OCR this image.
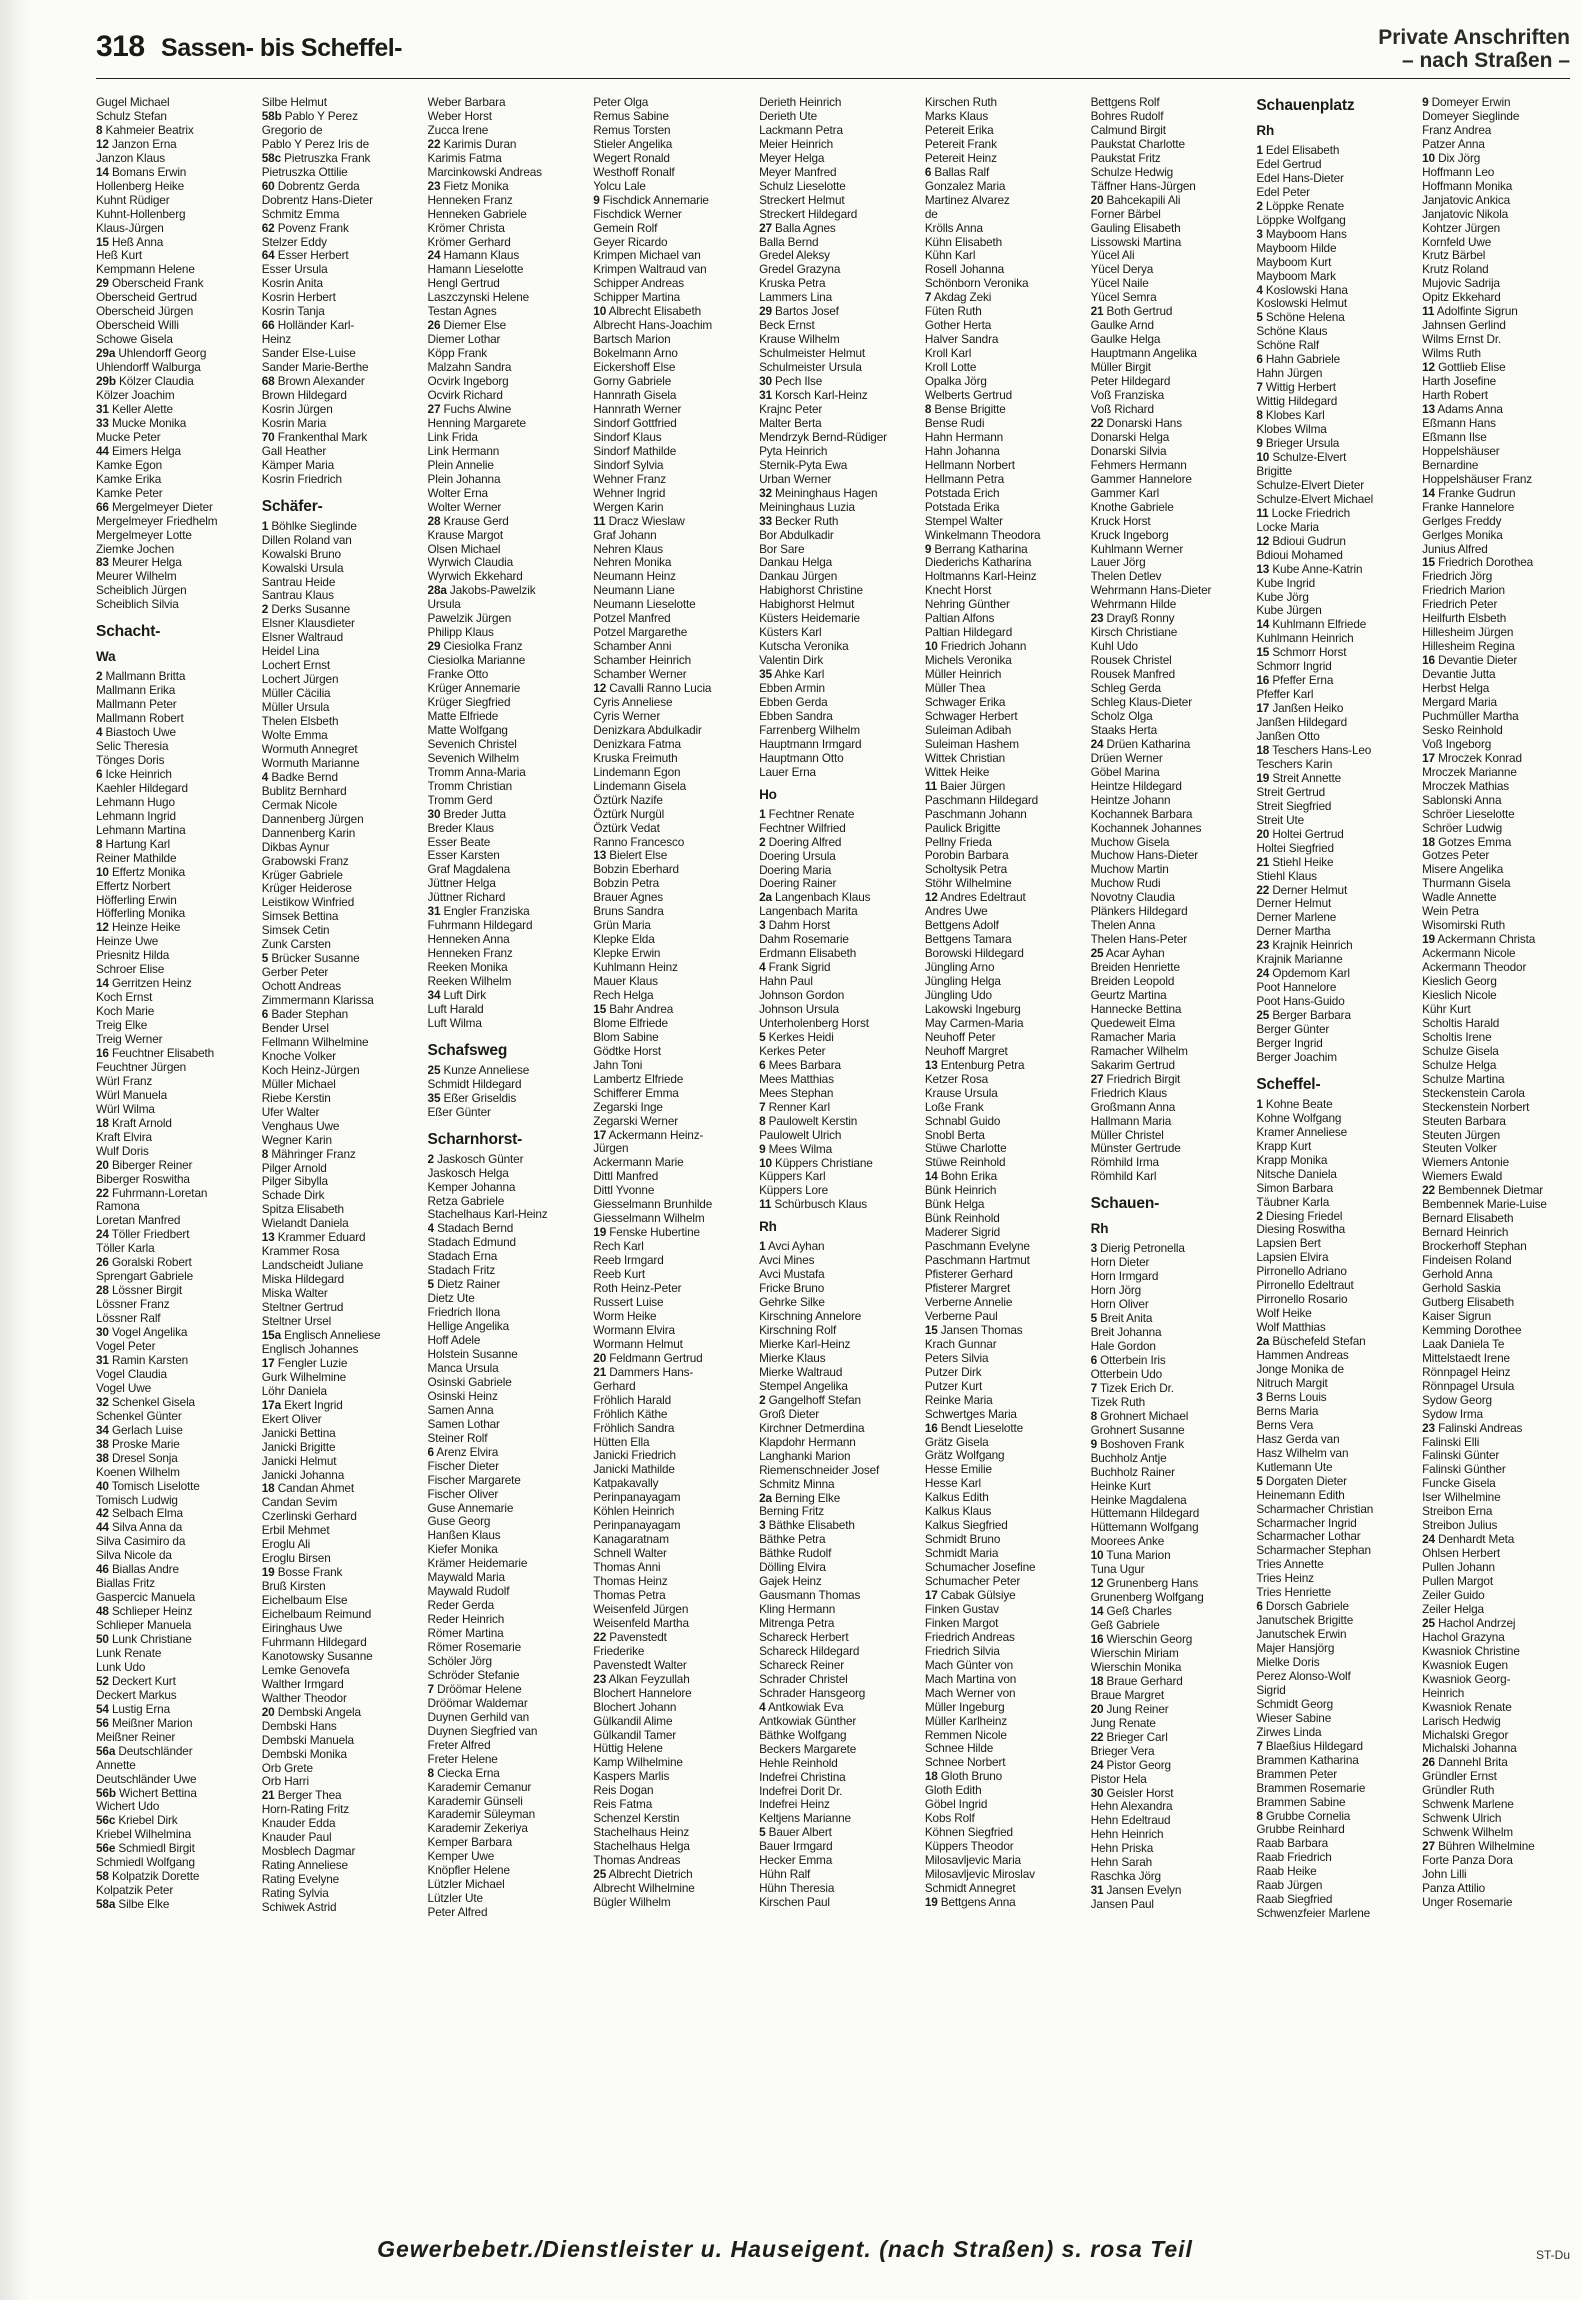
318 Sassen- bis Scheffel-	Private Anschriften
– nach Straßen –
Gugel Michael
Schulz Stefan
8 Kahmeier Beatrix
12 Janzon Erna
Janzon Klaus
14 Bomans Erwin
Hollenberg Heike
Kuhnt Rüdiger
Kuhnt-Hollenberg
Klaus-Jürgen
15 Heß Anna
Heß Kurt
Kempmann Helene
29 Oberscheid Frank
Oberscheid Gertrud
Oberscheid Jürgen
Oberscheid Willi
Schowe Gisela
29a Uhlendorff Georg
Uhlendorff Walburga
29b Kölzer Claudia
Kölzer Joachim
31 Keller Alette
33 Mucke Monika
Mucke Peter
44 Eimers Helga
Kamke Egon
Kamke Erika
Kamke Peter
66 Mergelmeyer Dieter
Mergelmeyer Friedhelm
Mergelmeyer Lotte
Ziemke Jochen
83 Meurer Helga
Meurer Wilhelm
Scheiblich Jürgen
Scheiblich Silvia
Schacht-
Wa
2 Mallmann Britta
Mallmann Erika
Mallmann Peter
Mallmann Robert
4 Biastoch Uwe
Selic Theresia
Tönges Doris
6 Icke Heinrich
Kaehler Hildegard
Lehmann Hugo
Lehmann Ingrid
Lehmann Martina
8 Hartung Karl
Reiner Mathilde
10 Effertz Monika
Effertz Norbert
Höfferling Erwin
Höfferling Monika
12 Heinze Heike
Heinze Uwe
Priesnitz Hilda
Schroer Elise
14 Gerritzen Heinz
Koch Ernst
Koch Marie
Treig Elke
Treig Werner
16 Feuchtner Elisabeth
Feuchtner Jürgen
Würl Franz
Würl Manuela
Würl Wilma
18 Kraft Arnold
Kraft Elvira
Wulf Doris
20 Biberger Reiner
Biberger Roswitha
22 Fuhrmann-Loretan
Ramona
Loretan Manfred
24 Töller Friedbert
Töller Karla
26 Goralski Robert
Sprengart Gabriele
28 Lössner Birgit
Lössner Franz
Lössner Ralf
30 Vogel Angelika
Vogel Peter
31 Ramin Karsten
Vogel Claudia
Vogel Uwe
32 Schenkel Gisela
Schenkel Günter
34 Gerlach Luise
38 Proske Marie
38 Dresel Sonja
Koenen Wilhelm
40 Tomisch Liselotte
Tomisch Ludwig
42 Selbach Elma
44 Silva Anna da
Silva Casimiro da
Silva Nicole da
46 Biallas Andre
Biallas Fritz
Gaspercic Manuela
48 Schlieper Heinz
Schlieper Manuela
50 Lunk Christiane
Lunk Renate
Lunk Udo
52 Deckert Kurt
Deckert Markus
54 Lustig Erna
56 Meißner Marion
Meißner Reiner
56a Deutschländer
Annette
Deutschländer Uwe
56b Wichert Bettina
Wichert Udo
56c Kriebel Dirk
Kriebel Wilhelmina
56e Schmiedl Birgit
Schmiedl Wolfgang
58 Kolpatzik Dorette
Kolpatzik Peter
58a Silbe Elke
Silbe Helmut
58b Pablo Y Perez
Gregorio de
Pablo Y Perez Iris de
58c Pietruszka Frank
Pietruszka Ottilie
60 Dobrentz Gerda
Dobrentz Hans-Dieter
Schmitz Emma
62 Povenz Frank
Stelzer Eddy
64 Esser Herbert
Esser Ursula
Kosrin Anita
Kosrin Herbert
Kosrin Tanja
66 Holländer Karl-
Heinz
Sander Else-Luise
Sander Marie-Berthe
68 Brown Alexander
Brown Hildegard
Kosrin Jürgen
Kosrin Maria
70 Frankenthal Mark
Gall Heather
Kämper Maria
Kosrin Friedrich
Schäfer-
1 Böhlke Sieglinde
Dillen Roland van
Kowalski Bruno
Kowalski Ursula
Santrau Heide
Santrau Klaus
2 Derks Susanne
Elsner Klausdieter
Elsner Waltraud
Heidel Lina
Lochert Ernst
Lochert Jürgen
Müller Cäcilia
Müller Ursula
Thelen Elsbeth
Wolte Emma
Wormuth Annegret
Wormuth Marianne
4 Badke Bernd
Bublitz Bernhard
Cermak Nicole
Dannenberg Jürgen
Dannenberg Karin
Dikbas Aynur
Grabowski Franz
Krüger Gabriele
Krüger Heiderose
Leistikow Winfried
Simsek Bettina
Simsek Cetin
Zunk Carsten
5 Brücker Susanne
Gerber Peter
Ochott Andreas
Zimmermann Klarissa
6 Bader Stephan
Bender Ursel
Fellmann Wilhelmine
Knoche Volker
Koch Heinz-Jürgen
Müller Michael
Riebe Kerstin
Ufer Walter
Venghaus Uwe
Wegner Karin
8 Mähringer Franz
Pilger Arnold
Pilger Sibylla
Schade Dirk
Spitza Elisabeth
Wielandt Daniela
13 Krammer Eduard
Krammer Rosa
Landscheidt Juliane
Miska Hildegard
Miska Walter
Steltner Gertrud
Steltner Ursel
15a Englisch Anneliese
Englisch Johannes
17 Fengler Luzie
Gurk Wilhelmine
Löhr Daniela
17a Ekert Ingrid
Ekert Oliver
Janicki Bettina
Janicki Brigitte
Janicki Helmut
Janicki Johanna
18 Candan Ahmet
Candan Sevim
Czerlinski Gerhard
Erbil Mehmet
Eroglu Ali
Eroglu Birsen
19 Bosse Frank
Bruß Kirsten
Eichelbaum Else
Eichelbaum Reimund
Eiringhaus Uwe
Fuhrmann Hildegard
Kanotowsky Susanne
Lemke Genovefa
Walther Irmgard
Walther Theodor
20 Dembski Angela
Dembski Hans
Dembski Manuela
Dembski Monika
Orb Grete
Orb Harri
21 Berger Thea
Horn-Rating Fritz
Knauder Edda
Knauder Paul
Mosblech Dagmar
Rating Anneliese
Rating Evelyne
Rating Sylvia
Schiwek Astrid
Weber Barbara
Weber Horst
Zucca Irene
22 Karimis Duran
Karimis Fatma
Marcinkowski Andreas
23 Fietz Monika
Henneken Franz
Henneken Gabriele
Krömer Christa
Krömer Gerhard
24 Hamann Klaus
Hamann Lieselotte
Hengl Gertrud
Laszczynski Helene
Testan Agnes
26 Diemer Else
Diemer Lothar
Köpp Frank
Malzahn Sandra
Ocvirk Ingeborg
Ocvirk Richard
27 Fuchs Alwine
Henning Margarete
Link Frida
Link Hermann
Plein Annelie
Plein Johanna
Wolter Erna
Wolter Werner
28 Krause Gerd
Krause Margot
Olsen Michael
Wyrwich Claudia
Wyrwich Ekkehard
28a Jakobs-Pawelzik
Ursula
Pawelzik Jürgen
Philipp Klaus
29 Ciesiolka Franz
Ciesiolka Marianne
Franke Otto
Krüger Annemarie
Krüger Siegfried
Matte Elfriede
Matte Wolfgang
Sevenich Christel
Sevenich Wilhelm
Tromm Anna-Maria
Tromm Christian
Tromm Gerd
30 Breder Jutta
Breder Klaus
Esser Beate
Esser Karsten
Graf Magdalena
Jüttner Helga
Jüttner Richard
31 Engler Franziska
Fuhrmann Hildegard
Henneken Anna
Henneken Franz
Reeken Monika
Reeken Wilhelm
34 Luft Dirk
Luft Harald
Luft Wilma
Schafsweg
25 Kunze Anneliese
Schmidt Hildegard
35 Eßer Griseldis
Eßer Günter
Scharnhorst-
2 Jaskosch Günter
Jaskosch Helga
Kemper Johanna
Retza Gabriele
Stachelhaus Karl-Heinz
4 Stadach Bernd
Stadach Edmund
Stadach Erna
Stadach Fritz
5 Dietz Rainer
Dietz Ute
Friedrich Ilona
Hellige Angelika
Hoff Adele
Holstein Susanne
Manca Ursula
Osinski Gabriele
Osinski Heinz
Samen Anna
Samen Lothar
Steiner Rolf
6 Arenz Elvira
Fischer Dieter
Fischer Margarete
Fischer Oliver
Guse Annemarie
Guse Georg
Hanßen Klaus
Kiefer Monika
Krämer Heidemarie
Maywald Maria
Maywald Rudolf
Reder Gerda
Reder Heinrich
Römer Martina
Römer Rosemarie
Schöler Jörg
Schröder Stefanie
7 Dröömar Helene
Dröömar Waldemar
Duynen Gerhild van
Duynen Siegfried van
Freter Alfred
Freter Helene
8 Ciecka Erna
Karademir Cemanur
Karademir Günseli
Karademir Süleyman
Karademir Zekeriya
Kemper Barbara
Kemper Uwe
Knöpfler Helene
Lützler Michael
Lützler Ute
Peter Alfred
Peter Olga
Remus Sabine
Remus Torsten
Stieler Angelika
Wegert Ronald
Westhoff Ronalf
Yolcu Lale
9 Fischdick Annemarie
Fischdick Werner
Gemein Rolf
Geyer Ricardo
Krimpen Michael van
Krimpen Waltraud van
Schipper Andreas
Schipper Martina
10 Albrecht Elisabeth
Albrecht Hans-Joachim
Bartsch Marion
Bokelmann Arno
Eickershoff Else
Gorny Gabriele
Hannrath Gisela
Hannrath Werner
Sindorf Gottfried
Sindorf Klaus
Sindorf Mathilde
Sindorf Sylvia
Wehner Franz
Wehner Ingrid
Wergen Karin
11 Dracz Wieslaw
Graf Johann
Nehren Klaus
Nehren Monika
Neumann Heinz
Neumann Liane
Neumann Lieselotte
Potzel Manfred
Potzel Margarethe
Schamber Anni
Schamber Heinrich
Schamber Werner
12 Cavalli Ranno Lucia
Cyris Anneliese
Cyris Werner
Denizkara Abdulkadir
Denizkara Fatma
Kruska Freimuth
Lindemann Egon
Lindemann Gisela
Öztürk Nazife
Öztürk Nurgül
Öztürk Vedat
Ranno Francesco
13 Bielert Else
Bobzin Eberhard
Bobzin Petra
Brauer Agnes
Bruns Sandra
Grün Maria
Klepke Elda
Klepke Erwin
Kuhlmann Heinz
Mauer Klaus
Rech Helga
15 Bahr Andrea
Blome Elfriede
Blom Sabine
Gödtke Horst
Jahn Toni
Lambertz Elfriede
Schifferer Emma
Zegarski Inge
Zegarski Werner
17 Ackermann Heinz-
Jürgen
Ackermann Marie
Dittl Manfred
Dittl Yvonne
Giesselmann Brunhilde
Giesselmann Wilhelm
19 Fenske Hubertine
Rech Karl
Reeb Irmgard
Reeb Kurt
Roth Heinz-Peter
Russert Luise
Worm Heike
Wormann Elvira
Wormann Helmut
20 Feldmann Gertrud
21 Dammers Hans-
Gerhard
Fröhlich Harald
Fröhlich Käthe
Fröhlich Sandra
Hütten Ella
Janicki Friedrich
Janicki Mathilde
Katpakavally
Perinpanayagam
Köhlen Heinrich
Perinpanayagam
Kanagaratnam
Schnell Walter
Thomas Anni
Thomas Heinz
Thomas Petra
Weisenfeld Jürgen
Weisenfeld Martha
22 Pavenstedt
Friederike
Pavenstedt Walter
23 Alkan Feyzullah
Blochert Hannelore
Blochert Johann
Gülkandil Alime
Gülkandil Tamer
Hüttig Helene
Kamp Wilhelmine
Kaspers Marlis
Reis Dogan
Reis Fatma
Schenzel Kerstin
Stachelhaus Heinz
Stachelhaus Helga
Thomas Andreas
25 Albrecht Dietrich
Albrecht Wilhelmine
Bügler Wilhelm
Derieth Heinrich
Derieth Ute
Lackmann Petra
Meier Heinrich
Meyer Helga
Meyer Manfred
Schulz Lieselotte
Streckert Helmut
Streckert Hildegard
27 Balla Agnes
Balla Bernd
Gredel Aleksy
Gredel Grazyna
Kruska Petra
Lammers Lina
29 Bartos Josef
Beck Ernst
Krause Wilhelm
Schulmeister Helmut
Schulmeister Ursula
30 Pech Ilse
31 Korsch Karl-Heinz
Krajnc Peter
Malter Berta
Mendrzyk Bernd-Rüdiger
Pyta Heinrich
Sternik-Pyta Ewa
Urban Werner
32 Meininghaus Hagen
Meininghaus Luzia
33 Becker Ruth
Bor Abdulkadir
Bor Sare
Dankau Helga
Dankau Jürgen
Habighorst Christine
Habighorst Helmut
Küsters Heidemarie
Küsters Karl
Kutscha Veronika
Valentin Dirk
35 Ahke Karl
Ebben Armin
Ebben Gerda
Ebben Sandra
Farrenberg Wilhelm
Hauptmann Irmgard
Hauptmann Otto
Lauer Erna
Ho
1 Fechtner Renate
Fechtner Wilfried
2 Doering Alfred
Doering Ursula
Doering Maria
Doering Rainer
2a Langenbach Klaus
Langenbach Marita
3 Dahm Horst
Dahm Rosemarie
Erdmann Elisabeth
4 Frank Sigrid
Hahn Paul
Johnson Gordon
Johnson Ursula
Unterholenberg Horst
5 Kerkes Heidi
Kerkes Peter
6 Mees Barbara
Mees Matthias
Mees Stephan
7 Renner Karl
8 Paulowelt Kerstin
Paulowelt Ulrich
9 Mees Wilma
10 Küppers Christiane
Küppers Karl
Küppers Lore
11 Schürbusch Klaus
Rh
1 Avci Ayhan
Avci Mines
Avci Mustafa
Fricke Bruno
Gehrke Silke
Kirschning Annelore
Kirschning Rolf
Mierke Karl-Heinz
Mierke Klaus
Mierke Waltraud
Stempel Angelika
2 Gangelhoff Stefan
Groß Dieter
Kirchner Detmerdina
Klapdohr Hermann
Langhanki Marion
Riemenschneider Josef
Schmitz Minna
2a Berning Elke
Berning Fritz
3 Bäthke Elisabeth
Bäthke Petra
Bäthke Rudolf
Dölling Elvira
Gajek Heinz
Gausmann Thomas
Kling Hermann
Mitrenga Petra
Schareck Herbert
Schareck Hildegard
Schareck Reiner
Schrader Christel
Schrader Hansgeorg
4 Antkowiak Eva
Antkowiak Günther
Bäthke Wolfgang
Beckers Margarete
Hehle Reinhold
Indefrei Christina
Indefrei Dorit Dr.
Indefrei Heinz
Keltjens Marianne
5 Bauer Albert
Bauer Irmgard
Hecker Emma
Hühn Ralf
Hühn Theresia
Kirschen Paul
Kirschen Ruth
Marks Klaus
Petereit Erika
Petereit Frank
Petereit Heinz
6 Ballas Ralf
Gonzalez Maria
Martinez Alvarez
de
Krölls Anna
Kühn Elisabeth
Kühn Karl
Rosell Johanna
Schönborn Veronika
7 Akdag Zeki
Füten Ruth
Gother Herta
Halver Sandra
Kroll Karl
Kroll Lotte
Opalka Jörg
Welberts Gertrud
8 Bense Brigitte
Bense Rudi
Hahn Hermann
Hahn Johanna
Hellmann Norbert
Hellmann Petra
Potstada Erich
Potstada Erika
Stempel Walter
Winkelmann Theodora
9 Berrang Katharina
Diederichs Katharina
Holtmanns Karl-Heinz
Knecht Horst
Nehring Günther
Paltian Alfons
Paltian Hildegard
10 Friedrich Johann
Michels Veronika
Müller Heinrich
Müller Thea
Schwager Erika
Schwager Herbert
Suleiman Adibah
Suleiman Hashem
Wittek Christian
Wittek Heike
11 Baier Jürgen
Paschmann Hildegard
Paschmann Johann
Paulick Brigitte
Pellny Frieda
Porobin Barbara
Scholtysik Petra
Stöhr Wilhelmine
12 Andres Edeltraut
Andres Uwe
Bettgens Adolf
Bettgens Tamara
Borowski Hildegard
Jüngling Arno
Jüngling Helga
Jüngling Udo
Lakowski Ingeburg
May Carmen-Maria
Neuhoff Peter
Neuhoff Margret
13 Entenburg Petra
Ketzer Rosa
Krause Ursula
Loße Frank
Schnabl Guido
Snobl Berta
Stüwe Charlotte
Stüwe Reinhold
14 Bohn Erika
Bünk Heinrich
Bünk Helga
Bünk Reinhold
Maderer Sigrid
Paschmann Evelyne
Paschmann Hartmut
Pfisterer Gerhard
Pfisterer Margret
Verberne Annelie
Verberne Paul
15 Jansen Thomas
Krach Gunnar
Peters Silvia
Putzer Dirk
Putzer Kurt
Reinke Maria
Schwertges Maria
16 Bendt Lieselotte
Grätz Gisela
Grätz Wolfgang
Hesse Emilie
Hesse Karl
Kalkus Edith
Kalkus Klaus
Kalkus Siegfried
Schmidt Bruno
Schmidt Maria
Schumacher Josefine
Schumacher Peter
17 Cabak Gülsiye
Finken Gustav
Finken Margot
Friedrich Andreas
Friedrich Silvia
Mach Günter von
Mach Martina von
Mach Werner von
Müller Ingeburg
Müller Karlheinz
Remmen Nicole
Schnee Hilde
Schnee Norbert
18 Gloth Bruno
Gloth Edith
Göbel Ingrid
Kobs Rolf
Köhnen Siegfried
Küppers Theodor
Milosavljevic Maria
Milosavljevic Miroslav
Schmidt Annegret
19 Bettgens Anna
Bettgens Rolf
Bohres Rudolf
Calmund Birgit
Paukstat Charlotte
Paukstat Fritz
Schulze Hedwig
Täffner Hans-Jürgen
20 Bahcekapili Ali
Forner Bärbel
Gauling Elisabeth
Lissowski Martina
Yücel Ali
Yücel Derya
Yücel Naile
Yücel Semra
21 Both Gertrud
Gaulke Arnd
Gaulke Helga
Hauptmann Angelika
Müller Birgit
Peter Hildegard
Voß Franziska
Voß Richard
22 Donarski Hans
Donarski Helga
Donarski Silvia
Fehmers Hermann
Gammer Hannelore
Gammer Karl
Knothe Gabriele
Kruck Horst
Kruck Ingeborg
Kuhlmann Werner
Lauer Jörg
Thelen Detlev
Wehrmann Hans-Dieter
Wehrmann Hilde
23 Drayß Ronny
Kirsch Christiane
Kuhl Udo
Rousek Christel
Rousek Manfred
Schleg Gerda
Schleg Klaus-Dieter
Scholz Olga
Staaks Herta
24 Drüen Katharina
Drüen Werner
Göbel Marina
Heintze Hildegard
Heintze Johann
Kochannek Barbara
Kochannek Johannes
Muchow Gisela
Muchow Hans-Dieter
Muchow Martin
Muchow Rudi
Novotny Claudia
Plänkers Hildegard
Thelen Anna
Thelen Hans-Peter
25 Acar Ayhan
Breiden Henriette
Breiden Leopold
Geurtz Martina
Hannecke Bettina
Quedeweit Elma
Ramacher Maria
Ramacher Wilhelm
Sakarim Gertrud
27 Friedrich Birgit
Friedrich Klaus
Großmann Anna
Hallmann Maria
Müller Christel
Münster Gertrude
Römhild Irma
Römhild Karl
Schauen-
Rh
3 Dierig Petronella
Horn Dieter
Horn Irmgard
Horn Jörg
Horn Oliver
5 Breit Anita
Breit Johanna
Hale Gordon
6 Otterbein Iris
Otterbein Udo
7 Tizek Erich Dr.
Tizek Ruth
8 Grohnert Michael
Grohnert Susanne
9 Boshoven Frank
Buchholz Antje
Buchholz Rainer
Heinke Kurt
Heinke Magdalena
Hüttemann Hildegard
Hüttemann Wolfgang
Moorees Anke
10 Tuna Marion
Tuna Ugur
12 Grunenberg Hans
Grunenberg Wolfgang
14 Geß Charles
Geß Gabriele
16 Wierschin Georg
Wierschin Miriam
Wierschin Monika
18 Braue Gerhard
Braue Margret
20 Jung Reiner
Jung Renate
22 Brieger Carl
Brieger Vera
24 Pistor Georg
Pistor Hela
30 Geisler Horst
Hehn Alexandra
Hehn Edeltraud
Hehn Heinrich
Hehn Priska
Hehn Sarah
Raschka Jörg
31 Jansen Evelyn
Jansen Paul
Schauenplatz
Rh
1 Edel Elisabeth
Edel Gertrud
Edel Hans-Dieter
Edel Peter
2 Löppke Renate
Löppke Wolfgang
3 Mayboom Hans
Mayboom Hilde
Mayboom Kurt
Mayboom Mark
4 Koslowski Hana
Koslowski Helmut
5 Schöne Helena
Schöne Klaus
Schöne Ralf
6 Hahn Gabriele
Hahn Jürgen
7 Wittig Herbert
Wittig Hildegard
8 Klobes Karl
Klobes Wilma
9 Brieger Ursula
10 Schulze-Elvert
Brigitte
Schulze-Elvert Dieter
Schulze-Elvert Michael
11 Locke Friedrich
Locke Maria
12 Bdioui Gudrun
Bdioui Mohamed
13 Kube Anne-Katrin
Kube Ingrid
Kube Jörg
Kube Jürgen
14 Kuhlmann Elfriede
Kuhlmann Heinrich
15 Schmorr Horst
Schmorr Ingrid
16 Pfeffer Erna
Pfeffer Karl
17 Janßen Heiko
Janßen Hildegard
Janßen Otto
18 Teschers Hans-Leo
Teschers Karin
19 Streit Annette
Streit Gertrud
Streit Siegfried
Streit Ute
20 Holtei Gertrud
Holtei Siegfried
21 Stiehl Heike
Stiehl Klaus
22 Derner Helmut
Derner Helmut
Derner Marlene
Derner Martha
23 Krajnik Heinrich
Krajnik Marianne
24 Opdemom Karl
Poot Hannelore
Poot Hans-Guido
25 Berger Barbara
Berger Günter
Berger Ingrid
Berger Joachim
Scheffel-
1 Kohne Beate
Kohne Wolfgang
Kramer Anneliese
Krapp Kurt
Krapp Monika
Nitsche Daniela
Simon Barbara
Täubner Karla
2 Diesing Friedel
Diesing Roswitha
Lapsien Bert
Lapsien Elvira
Pirronello Adriano
Pirronello Edeltraut
Pirronello Rosario
Wolf Heike
Wolf Matthias
2a Büschefeld Stefan
Hammen Andreas
Jonge Monika de
Nitruch Margit
3 Berns Louis
Berns Maria
Berns Vera
Hasz Gerda van
Hasz Wilhelm van
Kutlemann Ute
5 Dorgaten Dieter
Heinemann Edith
Scharmacher Christian
Scharmacher Ingrid
Scharmacher Lothar
Scharmacher Stephan
Tries Annette
Tries Heinz
Tries Henriette
6 Dorsch Gabriele
Janutschek Brigitte
Janutschek Erwin
Majer Hansjörg
Mielke Doris
Perez Alonso-Wolf
Sigrid
Schmidt Georg
Wieser Sabine
Zirwes Linda
7 Blaeßius Hildegard
Brammen Katharina
Brammen Peter
Brammen Rosemarie
Brammen Sabine
8 Grubbe Cornelia
Grubbe Reinhard
Raab Barbara
Raab Friedrich
Raab Heike
Raab Jürgen
Raab Siegfried
Schwenzfeier Marlene
9 Domeyer Erwin
Domeyer Sieglinde
Franz Andrea
Patzer Anna
10 Dix Jörg
Hoffmann Leo
Hoffmann Monika
Janjatovic Ankica
Janjatovic Nikola
Kohtzer Jürgen
Kornfeld Uwe
Krutz Bärbel
Krutz Roland
Mujovic Sadrija
Opitz Ekkehard
11 Adolfinte Sigrun
Jahnsen Gerlind
Wilms Ernst Dr.
Wilms Ruth
12 Gottlieb Elise
Harth Josefine
Harth Robert
13 Adams Anna
Eßmann Hans
Eßmann Ilse
Hoppelshäuser
Bernardine
Hoppelshäuser Franz
14 Franke Gudrun
Franke Hannelore
Gerlges Freddy
Gerlges Monika
Junius Alfred
15 Friedrich Dorothea
Friedrich Jörg
Friedrich Marion
Friedrich Peter
Heilfurth Elsbeth
Hillesheim Jürgen
Hillesheim Regina
16 Devantie Dieter
Devantie Jutta
Herbst Helga
Mergard Maria
Puchmüller Martha
Sesko Reinhold
Voß Ingeborg
17 Mroczek Konrad
Mroczek Marianne
Mroczek Mathias
Sablonski Anna
Schröer Lieselotte
Schröer Ludwig
18 Gotzes Emma
Gotzes Peter
Misere Angelika
Thurmann Gisela
Wadle Annette
Wein Petra
Wisomirski Ruth
19 Ackermann Christa
Ackermann Nicole
Ackermann Theodor
Kieslich Georg
Kieslich Nicole
Kühr Kurt
Scholtis Harald
Scholtis Irene
Schulze Gisela
Schulze Helga
Schulze Martina
Steckenstein Carola
Steckenstein Norbert
Steuten Barbara
Steuten Jürgen
Steuten Volker
Wiemers Antonie
Wiemers Ewald
22 Bembennek Dietmar
Bembennek Marie-Luise
Bernard Elisabeth
Bernard Heinrich
Brockerhoff Stephan
Findeisen Roland
Gerhold Anna
Gerhold Saskia
Gutberg Elisabeth
Kaiser Sigrun
Kemming Dorothee
Laak Daniela Te
Mittelstaedt Irene
Rönnpagel Heinz
Rönnpagel Ursula
Sydow Georg
Sydow Irma
23 Falinski Andreas
Falinski Elli
Falinski Günter
Falinski Günther
Funcke Gisela
Iser Wilhelmine
Streibon Erna
Streibon Julius
24 Denhardt Meta
Ohlsen Herbert
Pullen Johann
Pullen Margot
Zeiler Guido
Zeiler Helga
25 Hachol Andrzej
Hachol Grazyna
Kwasniok Christine
Kwasniok Eugen
Kwasniok Georg-
Heinrich
Kwasniok Renate
Larisch Hedwig
Michalski Gregor
Michalski Johanna
26 Dannehl Brita
Gründler Ernst
Gründler Ruth
Schwenk Marlene
Schwenk Ulrich
Schwenk Wilhelm
27 Bühren Wilhelmine
Forte Panza Dora
John Lilli
Panza Attilio
Unger Rosemarie
Gewerbebetr./Dienstleister u. Hauseigent. (nach Straßen) s. rosa Teil	ST-Du
